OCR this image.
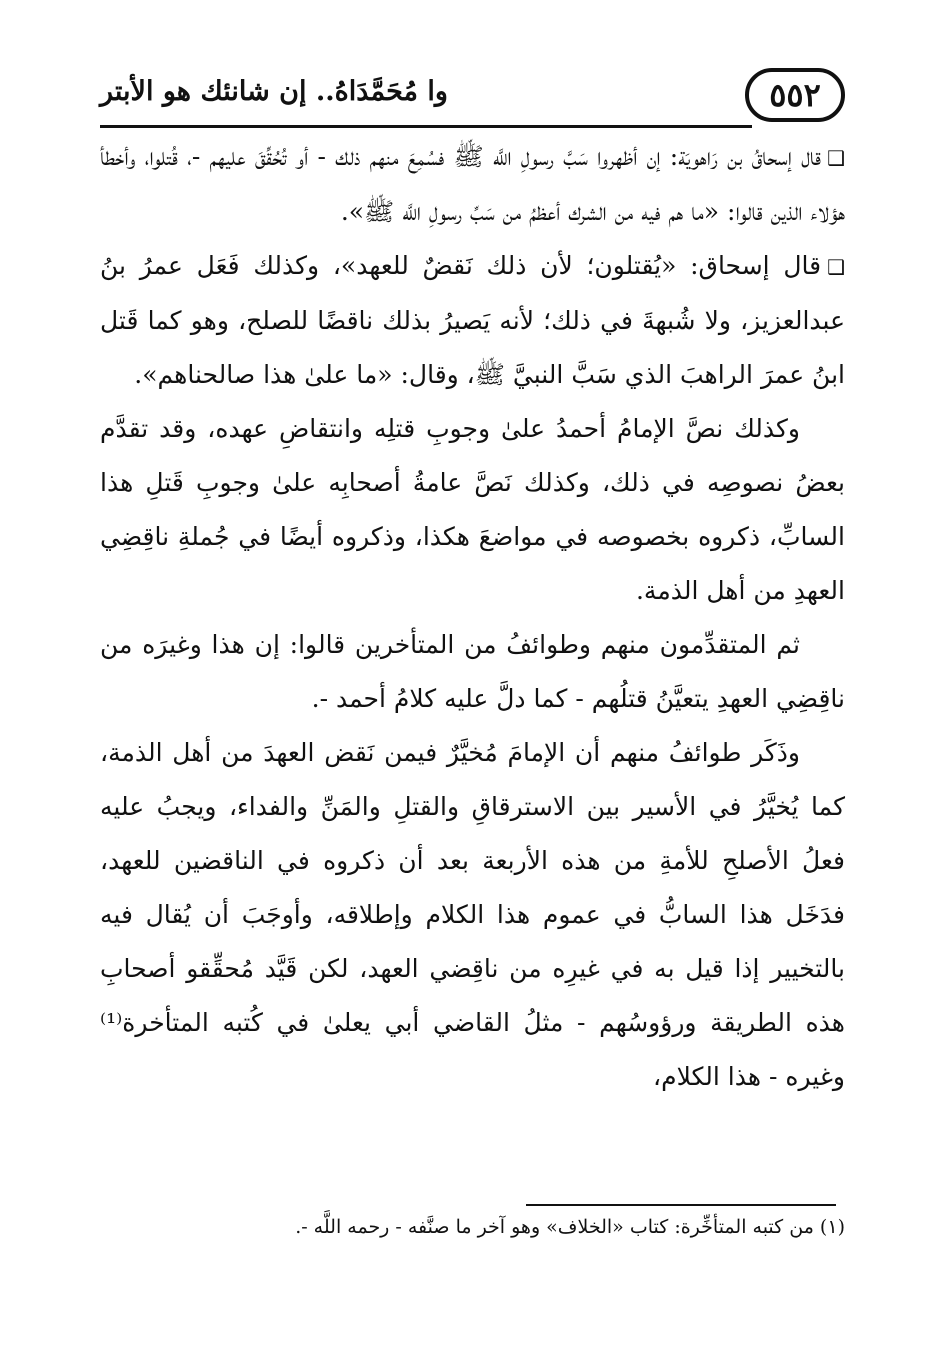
٥٥٢
وا مُحَمَّدَاهُ.. إن شانئك هو الأبتر

❑قال إسحاقُ بن رَاهويَة: إن أظهروا سَبَّ رسولِ اللَّه ﷺ فسُمِعَ منهم ذلك - أو تُحُقِّقَ عليهم -، قُتلوا، وأخطأ هؤلاء الذين قالوا: «ما هم فيه من الشرك أعظمُ من سَبِّ رسولِ اللَّه ﷺ».

❑قال إسحاق: «يُقتلون؛ لأن ذلك نَقضٌ للعهد»، وكذلك فَعَل عمرُ بنُ عبدالعزيز، ولا شُبهةَ في ذلك؛ لأنه يَصيرُ بذلك ناقضًا للصلح، وهو كما قَتل ابنُ عمرَ الراهبَ الذي سَبَّ النبيَّ ﷺ، وقال: «ما علىٰ هذا صالحناهم».

وكذلك نصَّ الإمامُ أحمدُ علىٰ وجوبِ قتلِه وانتقاضِ عهده، وقد تقدَّم بعضُ نصوصِه في ذلك، وكذلك نَصَّ عامةُ أصحابِه علىٰ وجوبِ قَتلِ هذا السابِّ، ذكروه بخصوصه في مواضعَ هكذا، وذكروه أيضًا في جُملةِ ناقِضِي العهدِ من أهل الذمة.

ثم المتقدِّمون منهم وطوائفُ من المتأخرين قالوا: إن هذا وغيرَه من ناقِضِي العهدِ يتعيَّنُ قتلُهم - كما دلَّ عليه كلامُ أحمد -.

وذَكَر طوائفُ منهم أن الإمامَ مُخيَّرٌ فيمن نَقض العهدَ من أهل الذمة، كما يُخيَّرُ في الأسير بين الاسترقاقِ والقتلِ والمَنِّ والفداء، ويجبُ عليه فعلُ الأصلحِ للأمةِ من هذه الأربعة بعد أن ذكروه في الناقضين للعهد، فدَخَل هذا السابُّ في عموم هذا الكلام وإطلاقه، وأوجَبَ أن يُقال فيه بالتخيير إذا قيل به في غيرِه من ناقِضي العهد، لكن قَيَّد مُحقِّقو أصحابِ هذه الطريقة ورؤوسُهم - مثلُ القاضي أبي يعلىٰ في كُتبه المتأخرة⁽¹⁾ وغيره - هذا الكلام،

(١) من كتبه المتأخِّرة: كتاب «الخلاف» وهو آخر ما صنَّفه - رحمه اللَّه -.
